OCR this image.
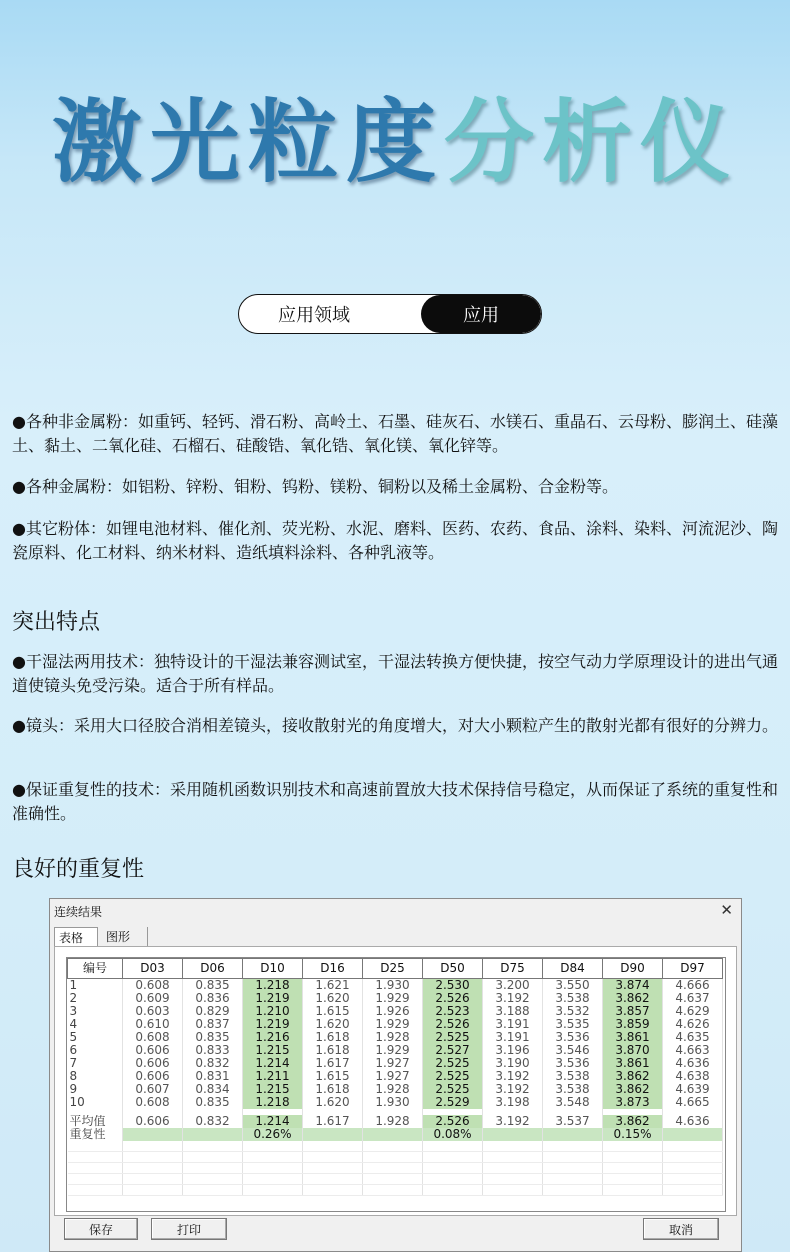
激光粒度分析仪
应用领域	应用
●各种非金属粉：如重钙、轻钙、滑石粉、高岭土、石墨、硅灰石、水镁石、重晶石、云母粉、膨润土、硅藻土、黏土、二氧化硅、石榴石、硅酸锆、氧化锆、氧化镁、氧化锌等。
●各种金属粉：如铝粉、锌粉、钼粉、钨粉、镁粉、铜粉以及稀土金属粉、合金粉等。
●其它粉体：如锂电池材料、催化剂、荧光粉、水泥、磨料、医药、农药、食品、涂料、染料、河流泥沙、陶瓷原料、化工材料、纳米材料、造纸填料涂料、各种乳液等。
突出特点
●干湿法两用技术：独特设计的干湿法兼容测试室，干湿法转换方便快捷，按空气动力学原理设计的进出气通道使镜头免受污染。适合于所有样品。
●镜头：采用大口径胶合消相差镜头，接收散射光的角度增大，对大小颗粒产生的散射光都有很好的分辨力。
●保证重复性的技术：采用随机函数识别技术和高速前置放大技术保持信号稳定，从而保证了系统的重复性和准确性。
良好的重复性
连续结果	✕
表格	图形
编号	D03	D06	D10	D16	D25	D50	D75	D84	D90	D97
1	0.608	0.835	1.218	1.621	1.930	2.530	3.200	3.550	3.874	4.666
2	0.609	0.836	1.219	1.620	1.929	2.526	3.192	3.538	3.862	4.637
3	0.603	0.829	1.210	1.615	1.926	2.523	3.188	3.532	3.857	4.629
4	0.610	0.837	1.219	1.620	1.929	2.526	3.191	3.535	3.859	4.626
5	0.608	0.835	1.216	1.618	1.928	2.525	3.191	3.536	3.861	4.635
6	0.606	0.833	1.215	1.618	1.929	2.527	3.196	3.546	3.870	4.663
7	0.606	0.832	1.214	1.617	1.927	2.525	3.190	3.536	3.861	4.636
8	0.606	0.831	1.211	1.615	1.927	2.525	3.192	3.538	3.862	4.638
9	0.607	0.834	1.215	1.618	1.928	2.525	3.192	3.538	3.862	4.639
10	0.608	0.835	1.218	1.620	1.930	2.529	3.198	3.548	3.873	4.665

平均值	0.606	0.832	1.214	1.617	1.928	2.526	3.192	3.537	3.862	4.636
重复性			0.26%			0.08%			0.15%	

保存	打印	取消
